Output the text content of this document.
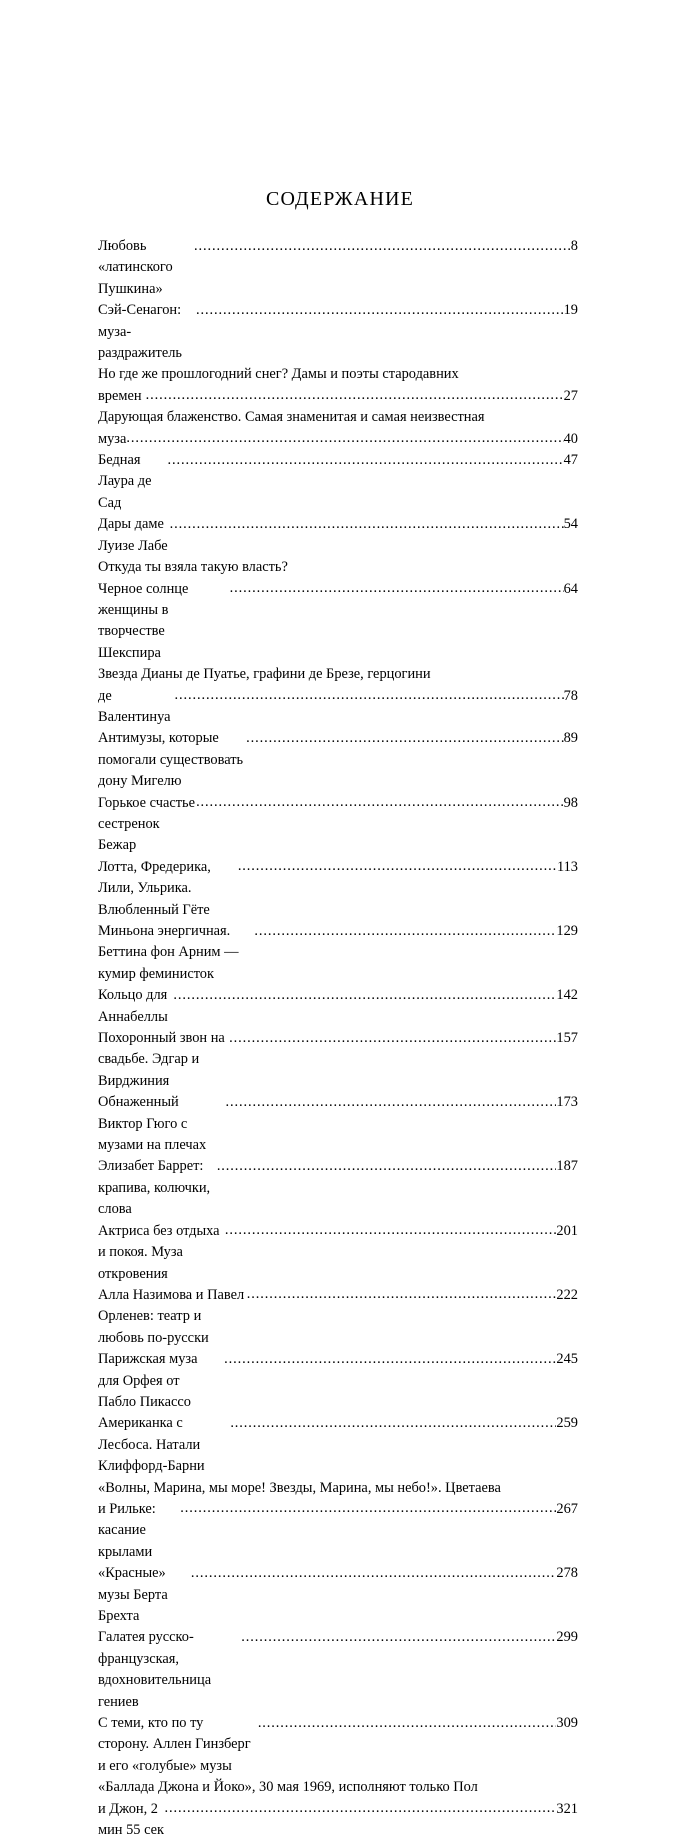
СОДЕРЖАНИЕ
Любовь «латинского Пушкина»
.....
8
Сэй-Сенагон: муза-раздражитель
.....
19
Но где же прошлогодний снег? Дамы и поэты стародавних
времен .....	27
Дарующая блаженство. Самая знаменитая и самая неизвестная
муза .....	40
Бедная Лаура де Сад
.....
47
Дары даме Луизе Лабе
.....
54
Откуда ты взяла такую власть?
Черное солнце женщины в творчестве Шекспира
.....
64
Звезда Дианы де Пуатье, графини де Брезе, герцогини
де Валентинуа
.....
78
Антимузы, которые помогали существовать дону Мигелю
.....
89
Горькое счастье сестренок Бежар
.....
98
Лотта, Фредерика, Лили, Ульрика. Влюбленный Гёте
.....
113
Миньона энергичная. Беттина фон Арним — кумир феминисток
.....
129
Кольцо для Аннабеллы
.....
142
Похоронный звон на свадьбе. Эдгар и Вирджиния
.....
157
Обнаженный Виктор Гюго с музами на плечах
.....
173
Элизабет Баррет: крапива, колючки, слова
.....
187
Актриса без отдыха и покоя. Муза откровения
.....
201
Алла Назимова и Павел Орленев: театр и любовь по-русски
.....
222
Парижская муза для Орфея от Пабло Пикассо
.....
245
Американка с Лесбоса. Натали Клиффорд-Барни
.....
259
«Волны, Марина, мы море! Звезды, Марина, мы небо!». Цветаева
и Рильке: касание крылами
.....
267
«Красные» музы Берта Брехта
.....
278
Галатея русско-французская, вдохновительница гениев
.....
299
С теми, кто по ту сторону. Аллен Гинзберг и его «голубые» музы
.....
309
«Баллада Джона и Йоко», 30 мая 1969, исполняют только Пол
и Джон, 2 мин 55 сек
.....
321
